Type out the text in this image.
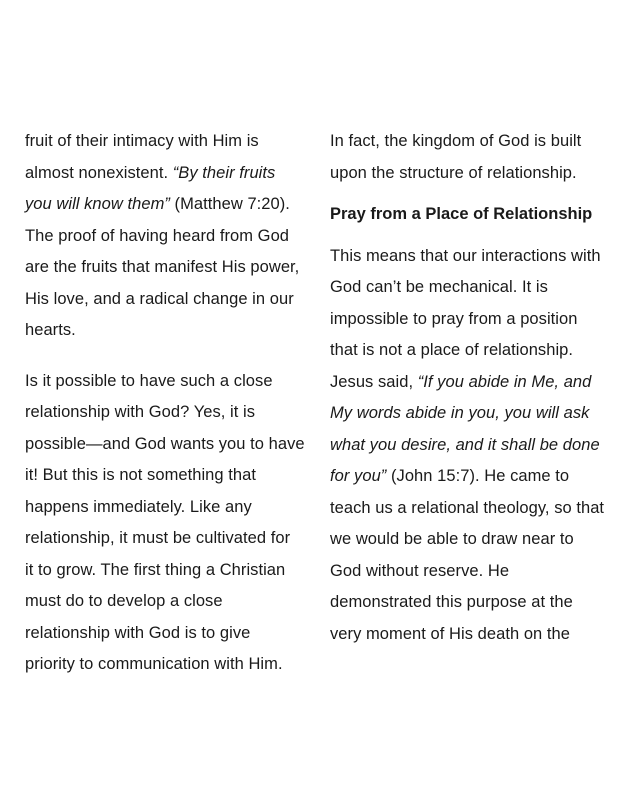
fruit of their intimacy with Him is
almost nonexistent. “By their fruits
you will know them” (Matthew 7:20).
The proof of having heard from God
are the fruits that manifest His power,
His love, and a radical change in our
hearts.
Is it possible to have such a close
relationship with God? Yes, it is
possible—and God wants you to have
it! But this is not something that
happens immediately. Like any
relationship, it must be cultivated for
it to grow. The first thing a Christian
must do to develop a close
relationship with God is to give
priority to communication with Him.
In fact, the kingdom of God is built
upon the structure of relationship.
Pray from a Place of Relationship
This means that our interactions with
God can’t be mechanical. It is
impossible to pray from a position
that is not a place of relationship.
Jesus said, “If you abide in Me, and
My words abide in you, you will ask
what you desire, and it shall be done
for you” (John 15:7). He came to
teach us a relational theology, so that
we would be able to draw near to
God without reserve. He
demonstrated this purpose at the
very moment of His death on the
